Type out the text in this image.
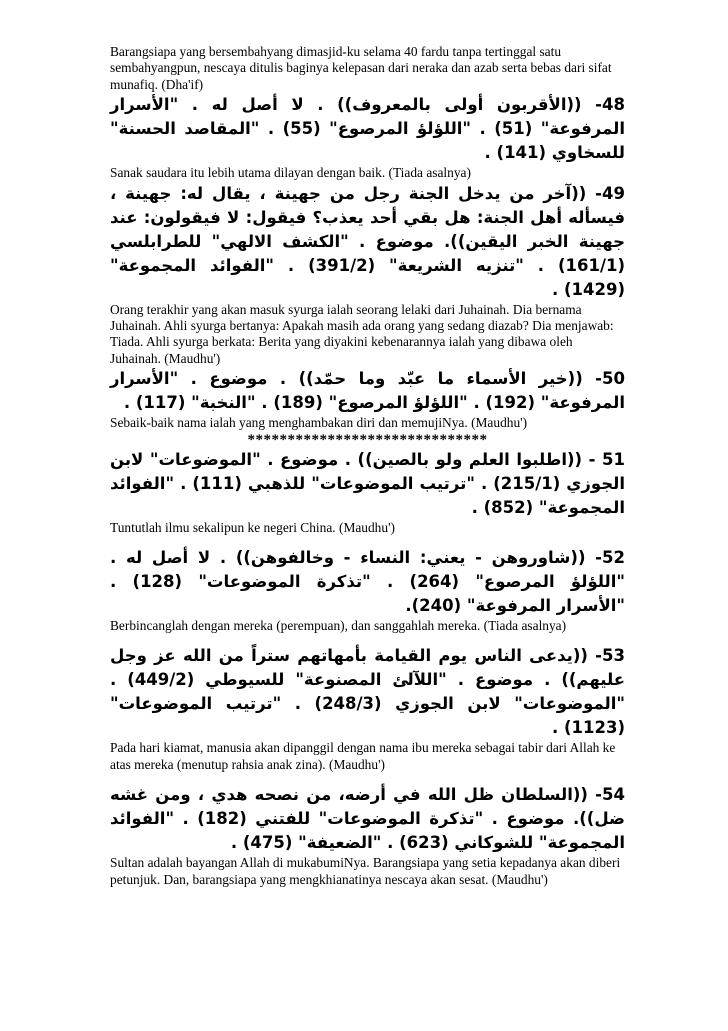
Barangsiapa yang bersembahyang dimasjid-ku selama 40 fardu tanpa tertinggal satu sembahyangpun, nescaya ditulis baginya kelepasan dari neraka dan azab serta bebas dari sifat munafiq. (Dha'if)

48- ((الأقربون أولى بالمعروف)) . لا أصل له . "الأسرار المرفوعة" (51) . "اللؤلؤ المرصوع" (55) . "المقاصد الحسنة" للسخاوي (141) .

Sanak saudara itu lebih utama dilayan dengan baik. (Tiada asalnya)

49- ((آخر من يدخل الجنة رجل من جهينة ، يقال له: جهينة ، فيسأله أهل الجنة: هل بقي أحد يعذب؟ فيقول: لا فيقولون: عند جهينة الخبر اليقين)). موضوع . "الكشف الالهي" للطرابلسي (161/1) . "تنزيه الشريعة" (391/2) . "الفوائد المجموعة" (1429) .

Orang terakhir yang akan masuk syurga ialah seorang lelaki dari Juhainah. Dia bernama Juhainah. Ahli syurga bertanya: Apakah masih ada orang yang sedang diazab? Dia menjawab: Tiada. Ahli syurga berkata: Berita yang diyakini kebenarannya ialah yang dibawa oleh Juhainah. (Maudhu')

50- ((خير الأسماء ما عبّد وما حمّد)) . موضوع . "الأسرار المرفوعة" (192) . "اللؤلؤ المرصوع" (189) . "النخبة" (117) .

Sebaik-baik nama ialah yang menghambakan diri dan memujiNya. (Maudhu')

******************************

51 - ((اطلبوا العلم ولو بالصين)) . موضوع . "الموضوعات" لابن الجوزي (215/1) . "ترتيب الموضوعات" للذهبي (111) . "الفوائد المجموعة" (852) .

Tuntutlah ilmu sekalipun ke negeri China. (Maudhu')

52- ((شاوروهن - يعني: النساء - وخالفوهن)) . لا أصل له . "اللؤلؤ المرصوع" (264) . "تذكرة الموضوعات" (128) . "الأسرار المرفوعة" (240).

Berbincanglah dengan mereka (perempuan), dan sanggahlah mereka. (Tiada asalnya)

53- ((يدعى الناس يوم القيامة بأمهاتهم ستراً من الله عز وجل عليهم)) . موضوع . "اللآلئ المصنوعة" للسيوطي (449/2) . "الموضوعات" لابن الجوزي (248/3) . "ترتيب الموضوعات" (1123) .

Pada hari kiamat, manusia akan dipanggil dengan nama ibu mereka sebagai tabir dari Allah ke atas mereka (menutup rahsia anak zina). (Maudhu')

54- ((السلطان ظل الله في أرضه، من نصحه هدي ، ومن غشه ضل)). موضوع . "تذكرة الموضوعات" للفتني (182) . "الفوائد المجموعة" للشوكاني (623) . "الضعيفة" (475) .

Sultan adalah bayangan Allah di mukabumiNya. Barangsiapa yang setia kepadanya akan diberi petunjuk. Dan, barangsiapa yang mengkhianatinya nescaya akan sesat. (Maudhu')
